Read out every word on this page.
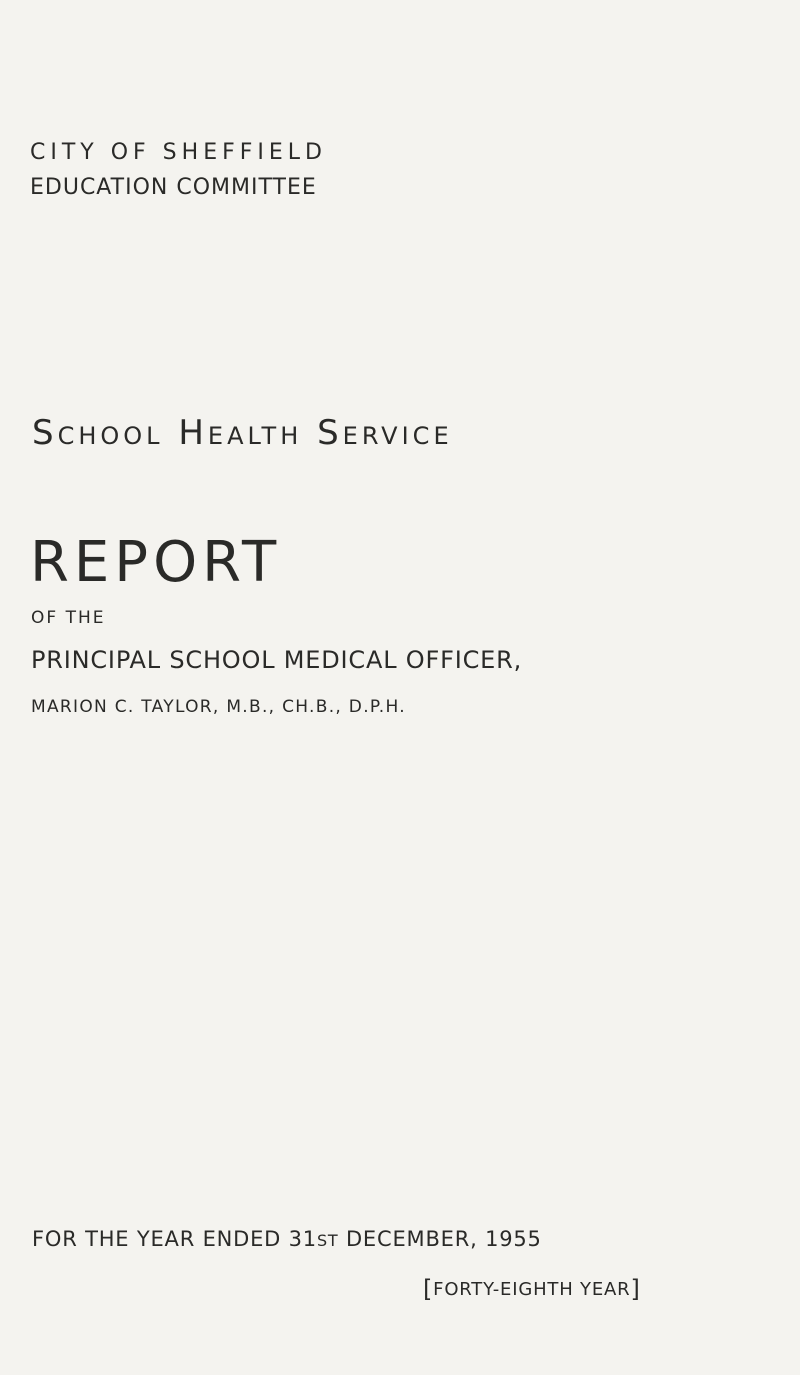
CITY OF SHEFFIELD

EDUCATION COMMITTEE

School Health Service
REPORT

OF THE

PRINCIPAL SCHOOL MEDICAL OFFICER,

MARION C. TAYLOR, M.B., CH.B., D.P.H.

FOR THE YEAR ENDED 31ST DECEMBER, 1955

[FORTY-EIGHTH YEAR]
